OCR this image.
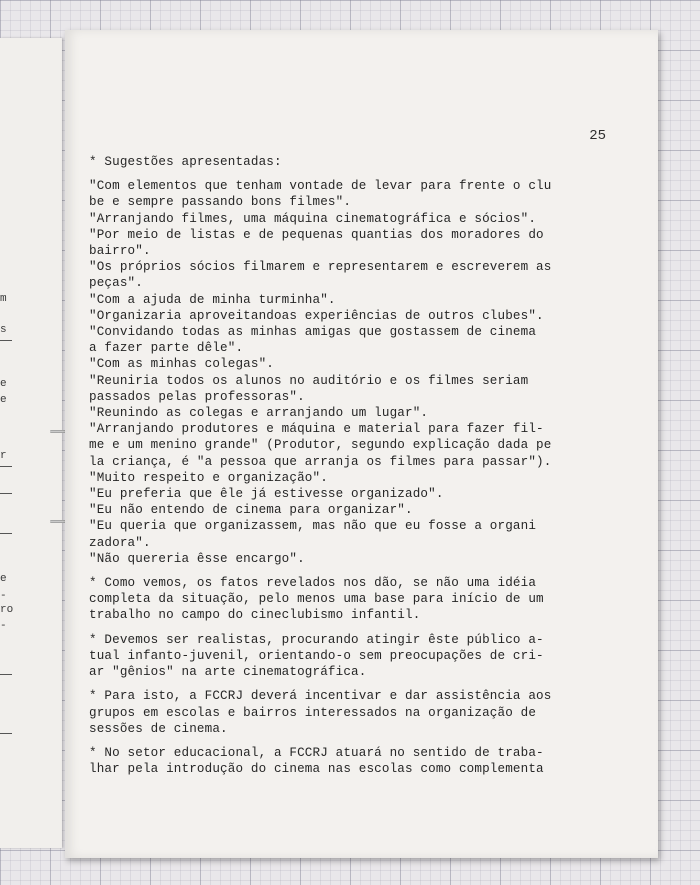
m
s
e
e
r
e
-
ro
-
25

* Sugestões apresentadas:

"Com elementos que tenham vontade de levar para frente o clu

be e sempre passando bons filmes".

"Arranjando filmes, uma máquina cinematográfica e sócios".

"Por meio de listas e de pequenas quantias dos moradores do

bairro".

"Os próprios sócios filmarem e representarem e escreverem as

peças".

"Com a ajuda de minha turminha".

"Organizaria aproveitandoas experiências de outros clubes".

"Convidando todas as minhas amigas que gostassem de cinema

a fazer parte dêle".

"Com as minhas colegas".

"Reuniria todos os alunos no auditório e os filmes seriam

passados pelas professoras".

"Reunindo as colegas e arranjando um lugar".

"Arranjando produtores e máquina e material para fazer fil-

me e um menino grande" (Produtor, segundo explicação dada pe

la criança, é "a pessoa que arranja os filmes para passar").

"Muito respeito e organização".

"Eu preferia que êle já estivesse organizado".

"Eu não entendo de cinema para organizar".

"Eu queria que organizassem, mas não que eu fosse a organi

zadora".

"Não quereria êsse encargo".

* Como vemos, os fatos revelados nos dão, se não uma idéia

completa da situação, pelo menos uma base para início de um

trabalho no campo do cineclubismo infantil.

* Devemos ser realistas, procurando atingir êste público a-

tual infanto-juvenil, orientando-o sem preocupações de cri-

ar "gênios" na arte cinematográfica.

* Para isto, a FCCRJ deverá incentivar e dar assistência aos

grupos em escolas e bairros interessados na organização de

sessões de cinema.

* No setor educacional, a FCCRJ atuará no sentido de traba-

lhar pela introdução do cinema nas escolas como complementa
